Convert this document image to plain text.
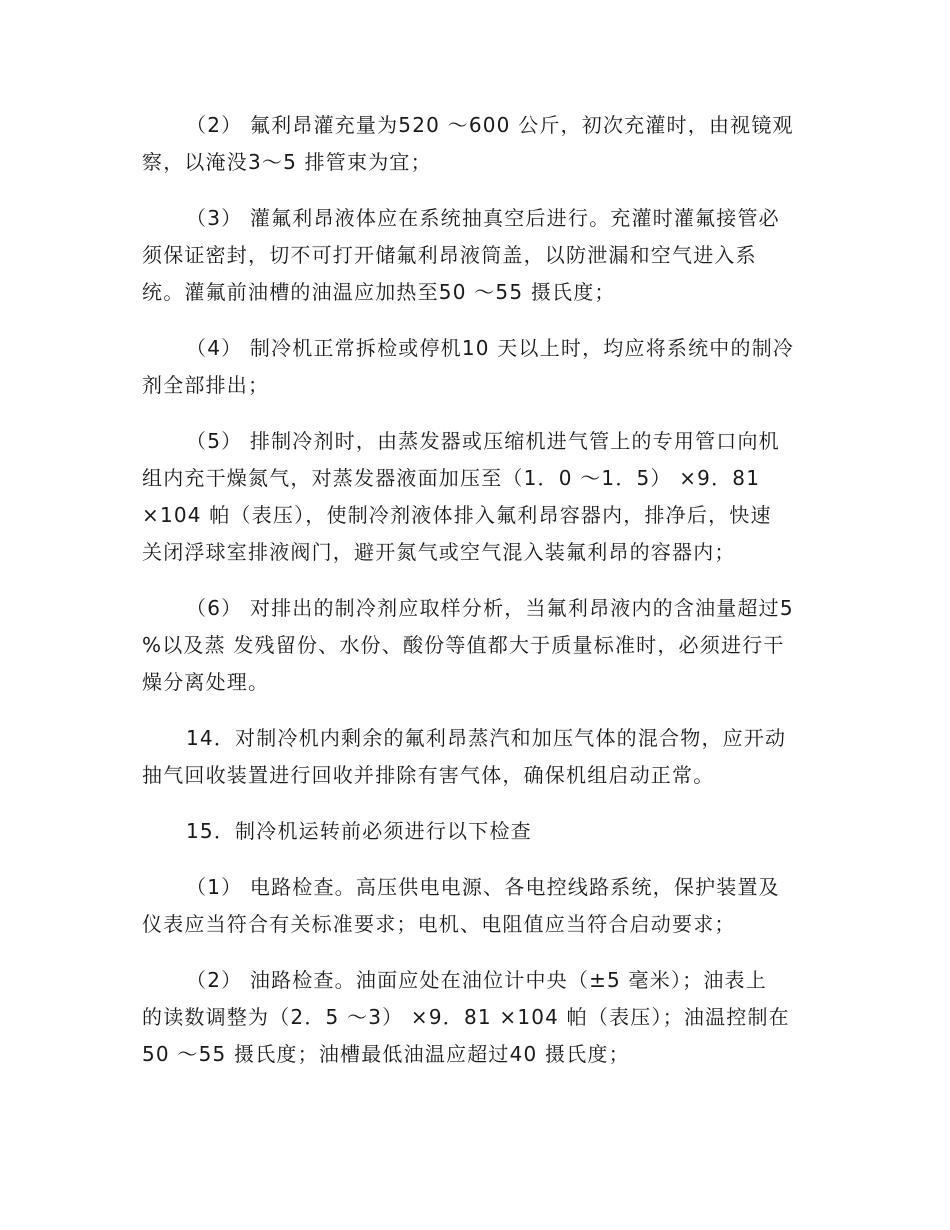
（2） 氟利昂灌充量为520 ～600 公斤，初次充灌时，由视镜观
察，以淹没3～5 排管束为宜；

（3） 灌氟利昂液体应在系统抽真空后进行。充灌时灌氟接管必
须保证密封，切不可打开储氟利昂液筒盖，以防泄漏和空气进入系
统。灌氟前油槽的油温应加热至50 ～55 摄氏度；

（4） 制冷机正常拆检或停机10 天以上时，均应将系统中的制冷
剂全部排出；

（5） 排制冷剂时，由蒸发器或压缩机进气管上的专用管口向机
组内充干燥氮气，对蒸发器液面加压至（1．0 ～1．5） ×9．81
×104 帕（表压），使制冷剂液体排入氟利昂容器内，排净后，快速
关闭浮球室排液阀门，避开氮气或空气混入装氟利昂的容器内；

（6） 对排出的制冷剂应取样分析，当氟利昂液内的含油量超过5
%以及蒸 发残留份、水份、酸份等值都大于质量标准时，必须进行干
燥分离处理。

14．对制冷机内剩余的氟利昂蒸汽和加压气体的混合物，应开动
抽气回收装置进行回收并排除有害气体，确保机组启动正常。

15．制冷机运转前必须进行以下检查

（1） 电路检查。高压供电电源、各电控线路系统，保护装置及
仪表应当符合有关标准要求；电机、电阻值应当符合启动要求；

（2） 油路检查。油面应处在油位计中央（±5 毫米）；油表上
的读数调整为（2．5 ～3） ×9．81 ×104 帕（表压）；油温控制在
50 ～55 摄氏度；油槽最低油温应超过40 摄氏度；
